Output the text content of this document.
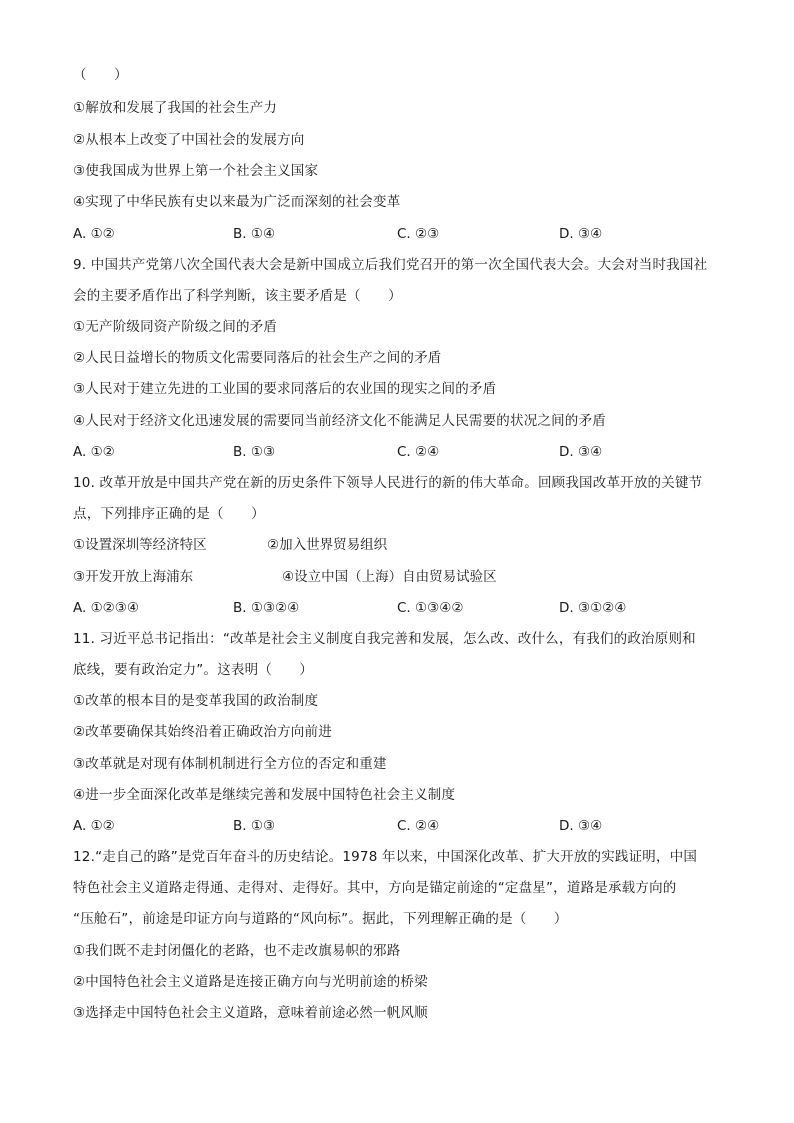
（　　）
①解放和发展了我国的社会生产力
②从根本上改变了中国社会的发展方向
③使我国成为世界上第一个社会主义国家
④实现了中华民族有史以来最为广泛而深刻的社会变革
A. ①②	B. ①④	C. ②③	D. ③④
9. 中国共产党第八次全国代表大会是新中国成立后我们党召开的第一次全国代表大会。大会对当时我国社
会的主要矛盾作出了科学判断，该主要矛盾是（　　）
①无产阶级同资产阶级之间的矛盾
②人民日益增长的物质文化需要同落后的社会生产之间的矛盾
③人民对于建立先进的工业国的要求同落后的农业国的现实之间的矛盾
④人民对于经济文化迅速发展的需要同当前经济文化不能满足人民需要的状况之间的矛盾
A. ①②	B. ①③	C. ②④	D. ③④
10. 改革开放是中国共产党在新的历史条件下领导人民进行的新的伟大革命。回顾我国改革开放的关键节
点，下列排序正确的是（　　）
①设置深圳等经济特区	②加入世界贸易组织
③开发开放上海浦东	④设立中国（上海）自由贸易试验区
A. ①②③④	B. ①③②④	C. ①③④②	D. ③①②④
11. 习近平总书记指出：“改革是社会主义制度自我完善和发展，怎么改、改什么，有我们的政治原则和
底线，要有政治定力”。这表明（　　）
①改革的根本目的是变革我国的政治制度
②改革要确保其始终沿着正确政治方向前进
③改革就是对现有体制机制进行全方位的否定和重建
④进一步全面深化改革是继续完善和发展中国特色社会主义制度
A. ①②	B. ①③	C. ②④	D. ③④
12.“走自己的路”是党百年奋斗的历史结论。1978 年以来，中国深化改革、扩大开放的实践证明，中国
特色社会主义道路走得通、走得对、走得好。其中，方向是锚定前途的“定盘星”，道路是承载方向的
“压舱石”，前途是印证方向与道路的“风向标”。据此，下列理解正确的是（　　）
①我们既不走封闭僵化的老路，也不走改旗易帜的邪路
②中国特色社会主义道路是连接正确方向与光明前途的桥梁
③选择走中国特色社会主义道路，意味着前途必然一帆风顺
